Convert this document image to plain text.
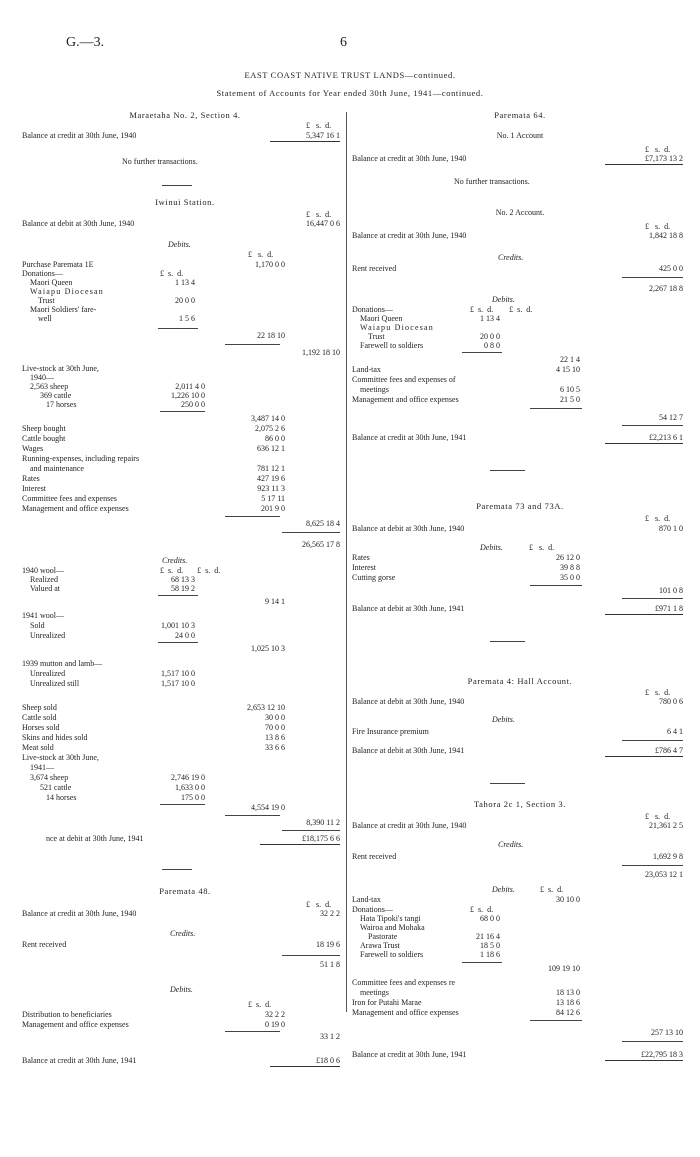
G.—3.	6
EAST COAST NATIVE TRUST LANDS—continued.
Statement of Accounts for Year ended 30th June, 1941—continued.
Maraetaha No. 2, Section 4.
£ s. d.
Balance at credit at 30th June, 1940	5,347 16 1
No further transactions.
Iwinui Station.
£   s.  d.
Balance at debit at 30th June, 1940	16,447 0 6
Debits.
£   s.  d.
Purchase Paremata 1E	1,170 0 0
Donations—	£  s.  d.
Maori Queen	1 13 4
Waiapu Diocesan
Trust	20 0 0
Maori Soldiers' fare-
well	1 5 6
22 18 10
1,192 18 10
Live-stock at 30th June,
1940—
2,563 sheep	2,011 4 0
369 cattle	1,226 10 0
17 horses	250 0 0
3,487 14 0
Sheep bought	2,075 2 6
Cattle bought	86 0 0
Wages	636 12 1
Running-expenses, including repairs
and maintenance	781 12 1
Rates	427 19 6
Interest	923 11 3
Committee fees and expenses	5 17 11
Management and office expenses	201 9 0
8,625 18 4
26,565 17 8
Credits.
1940 wool—	£  s.  d.       £  s.  d.
Realized	68 13 3
Valued at	58 19 2
9 14 1
1941 wool—
Sold	1,001 10 3
Unrealized	24 0 0
1,025 10 3
1939 mutton and lamb—
Unrealized	1,517 10 0
Unrealized still	1,517 10 0
Sheep sold	2,653 12 10
Cattle sold	30 0 0
Horses sold	70 0 0
Skins and hides sold	13 8 6
Meat sold	33 6 6
Live-stock at 30th June,
1941—
3,674 sheep	2,746 19 0
521 cattle	1,633 0 0
14 horses	175 0 0
4,554 19 0
8,390 11 2
nce at debit at 30th June, 1941	£18,175 6 6
Paremata 48.
£   s.  d.
Balance at credit at 30th June, 1940	32 2 2
Credits.
Rent received	18 19 6
51 1 8
Debits.
£  s.  d.
Distribution to beneficiaries	32 2 2
Management and office expenses	0 19 0
33 1 2
Balance at credit at 30th June, 1941	£18 0 6
Paremata 64.
No. 1 Account
£   s.  d.
Balance at credit at 30th June, 1940	£7,173 13 2
No further transactions.
No. 2 Account.
£   s.  d.
Balance at credit at 30th June, 1940	1,842 18 8
Credits.
Rent received	425 0 0
2,267 18 8
Debits.
Donations—	£  s.  d.        £  s.  d.
Maori Queen	1 13 4
Waiapu Diocesan
Trust	20 0 0
Farewell to soldiers	0 8 0
22 1 4
Land-tax	4 15 10
Committee fees and expenses of
meetings	6 10 5
Management and office expenses	21 5 0
54 12 7
Balance at credit at 30th June, 1941	£2,213 6 1
Paremata 73 and 73A.
£   s.  d.
Balance at debit at 30th June, 1940	870 1 0
Debits.	£   s.  d.
Rates	26 12 0
Interest	39 8 8
Cutting gorse	35 0 0
101 0 8
Balance at debit at 30th June, 1941	£971 1 8
Paremata 4: Hall Account.
£   s.  d.
Balance at debit at 30th June, 1940	780 0 6
Debits.
Fire Insurance premium	6 4 1
Balance at debit at 30th June, 1941	£786 4 7
Tahora 2c 1, Section 3.
£   s.  d.
Balance at credit at 30th June, 1940	21,361 2 5
Credits.
Rent received	1,692 9 8
23,053 12 1
Debits.	£  s.  d.
Land-tax	30 10 0
Donations—	£  s.  d.
Hata Tipoki's tangi	68 0 0
Wairoa and Mohaka
Pastorate	21 16 4
Arawa Trust	18 5 0
Farewell to soldiers	1 18 6
109 19 10
Committee fees and expenses re
meetings	18 13 0
Iron for Putahi Marae	13 18 6
Management and office expenses	84 12 6
257 13 10
Balance at credit at 30th June, 1941	£22,795 18 3
